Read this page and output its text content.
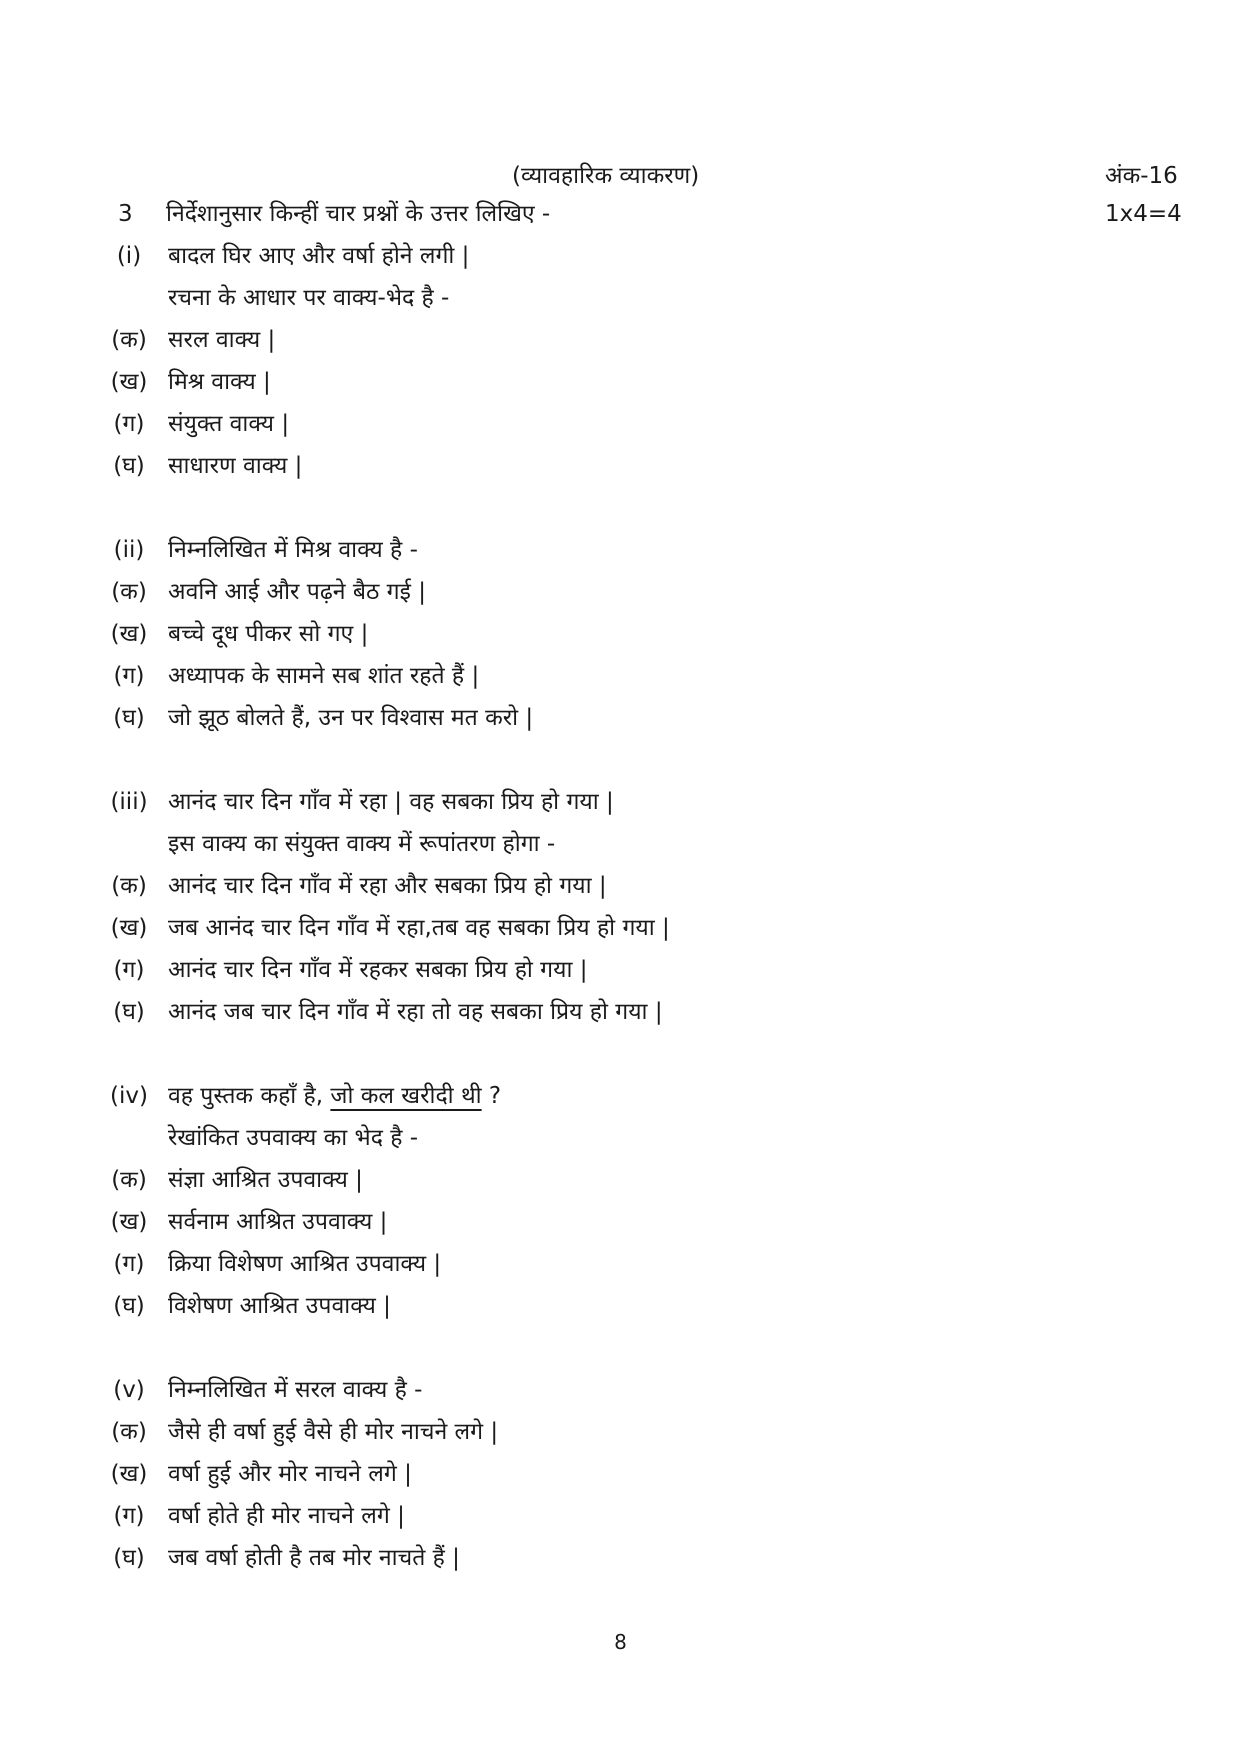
(व्यावहारिक व्याकरण)	अंक-16
3 निर्देशानुसार किन्हीं चार प्रश्नों के उत्तर लिखिए -	1x4=4
(i)	बादल घिर आए और वर्षा होने लगी |
रचना के आधार पर वाक्य-भेद है -
(क) सरल वाक्य |
(ख) मिश्र वाक्य |
(ग)	संयुक्त वाक्य |
(घ)	साधारण वाक्य |
(ii)	निम्नलिखित में मिश्र वाक्य है -
(क) अवनि आई और पढ़ने बैठ गई |
(ख) बच्चे दूध पीकर सो गए |
(ग)	अध्यापक के सामने सब शांत रहते हैं |
(घ)	जो झूठ बोलते हैं, उन पर विश्वास मत करो |
(iii) आनंद चार दिन गाँव में रहा | वह सबका प्रिय हो गया |
इस वाक्य का संयुक्त वाक्य में रूपांतरण होगा -
(क) आनंद चार दिन गाँव में रहा और सबका प्रिय हो गया |
(ख) जब आनंद चार दिन गाँव में रहा,तब वह सबका प्रिय हो गया |
(ग)	आनंद चार दिन गाँव में रहकर सबका प्रिय हो गया |
(घ)	आनंद जब चार दिन गाँव में रहा तो वह सबका प्रिय हो गया |
(iv) वह पुस्तक कहाँ है, जो कल खरीदी थी ?
रेखांकित उपवाक्य का भेद है -
(क) संज्ञा आश्रित उपवाक्य |
(ख) सर्वनाम आश्रित उपवाक्य |
(ग)	क्रिया विशेषण आश्रित उपवाक्य |
(घ)	विशेषण आश्रित उपवाक्य |
(v)	निम्नलिखित में सरल वाक्य है -
(क) जैसे ही वर्षा हुई वैसे ही मोर नाचने लगे |
(ख) वर्षा हुई और मोर नाचने लगे |
(ग)	वर्षा होते ही मोर नाचने लगे |
(घ)	जब वर्षा होती है तब मोर नाचते हैं |
8
